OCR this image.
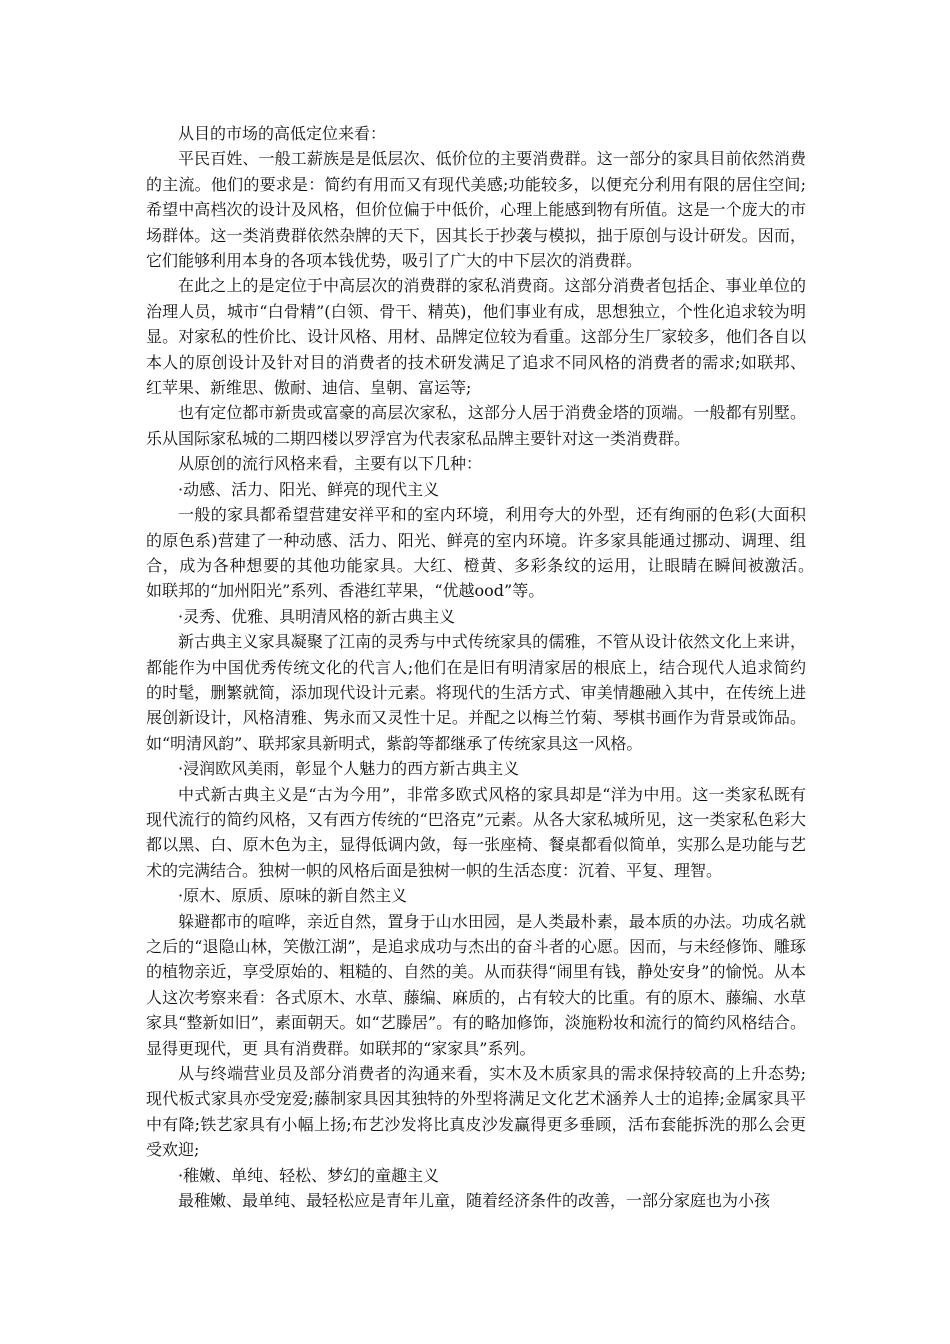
从目的市场的高低定位来看：

平民百姓、一般工薪族是是低层次、低价位的主要消费群。这一部分的家具目前依然消费的主流。他们的要求是：简约有用而又有现代美感;功能较多，以便充分利用有限的居住空间;希望中高档次的设计及风格，但价位偏于中低价，心理上能感到物有所值。这是一个庞大的市场群体。这一类消费群依然杂牌的天下，因其长于抄袭与模拟，拙于原创与设计研发。因而，它们能够利用本身的各项本钱优势，吸引了广大的中下层次的消费群。

在此之上的是定位于中高层次的消费群的家私消费商。这部分消费者包括企、事业单位的治理人员，城市“白骨精”(白领、骨干、精英)，他们事业有成，思想独立，个性化追求较为明显。对家私的性价比、设计风格、用材、品牌定位较为看重。这部分生厂家较多，他们各自以本人的原创设计及针对目的消费者的技术研发满足了追求不同风格的消费者的需求;如联邦、红苹果、新维思、傲耐、迪信、皇朝、富运等;

也有定位都市新贵或富豪的高层次家私，这部分人居于消费金塔的顶端。一般都有别墅。乐从国际家私城的二期四楼以罗浮宫为代表家私品牌主要针对这一类消费群。

从原创的流行风格来看，主要有以下几种：

·动感、活力、阳光、鲜亮的现代主义

一般的家具都希望营建安祥平和的室内环境，利用夸大的外型，还有绚丽的色彩(大面积的原色系)营建了一种动感、活力、阳光、鲜亮的室内环境。许多家具能通过挪动、调理、组合，成为各种想要的其他功能家具。大红、橙黄、多彩条纹的运用，让眼睛在瞬间被激活。　如联邦的“加州阳光”系列、香港红苹果，“优越ood”等。

·灵秀、优雅、具明清风格的新古典主义

新古典主义家具凝聚了江南的灵秀与中式传统家具的儒雅，不管从设计依然文化上来讲，都能作为中国优秀传统文化的代言人;他们在是旧有明清家居的根底上，结合现代人追求简约的时髦，删繁就简，添加现代设计元素。将现代的生活方式、审美情趣融入其中，在传统上进展创新设计，风格清雅、隽永而又灵性十足。并配之以梅兰竹菊、琴棋书画作为背景或饰品。如“明清风韵”、联邦家具新明式，紫韵等都继承了传统家具这一风格。

·浸润欧风美雨，彰显个人魅力的西方新古典主义

中式新古典主义是“古为今用”，非常多欧式风格的家具却是“洋为中用。这一类家私既有现代流行的简约风格，又有西方传统的“巴洛克”元素。从各大家私城所见，这一类家私色彩大都以黑、白、原木色为主，显得低调内敛，每一张座椅、餐桌都看似简单，实那么是功能与艺术的完满结合。独树一帜的风格后面是独树一帜的生活态度：沉着、平复、理智。

·原木、原质、原味的新自然主义

躲避都市的喧哗，亲近自然，置身于山水田园，是人类最朴素，最本质的办法。功成名就之后的“退隐山林，笑傲江湖”，是追求成功与杰出的奋斗者的心愿。因而，与未经修饰、雕琢的植物亲近，享受原始的、粗糙的、自然的美。从而获得“闹里有钱，静处安身”的愉悦。从本人这次考察来看：各式原木、水草、藤编、麻质的，占有较大的比重。有的原木、藤编、水草家具“整新如旧”，素面朝天。如“艺滕居”。有的略加修饰，淡施粉妆和流行的简约风格结合。显得更现代，更 具有消费群。如联邦的“家家具”系列。

从与终端营业员及部分消费者的沟通来看，实木及木质家具的需求保持较高的上升态势;现代板式家具亦受宠爱;藤制家具因其独特的外型将满足文化艺术涵养人士的追捧;金属家具平中有降;铁艺家具有小幅上扬;布艺沙发将比真皮沙发赢得更多垂顾，活布套能拆洗的那么会更受欢迎;

·稚嫩、单纯、轻松、梦幻的童趣主义

最稚嫩、最单纯、最轻松应是青年儿童，随着经济条件的改善，一部分家庭也为小孩
